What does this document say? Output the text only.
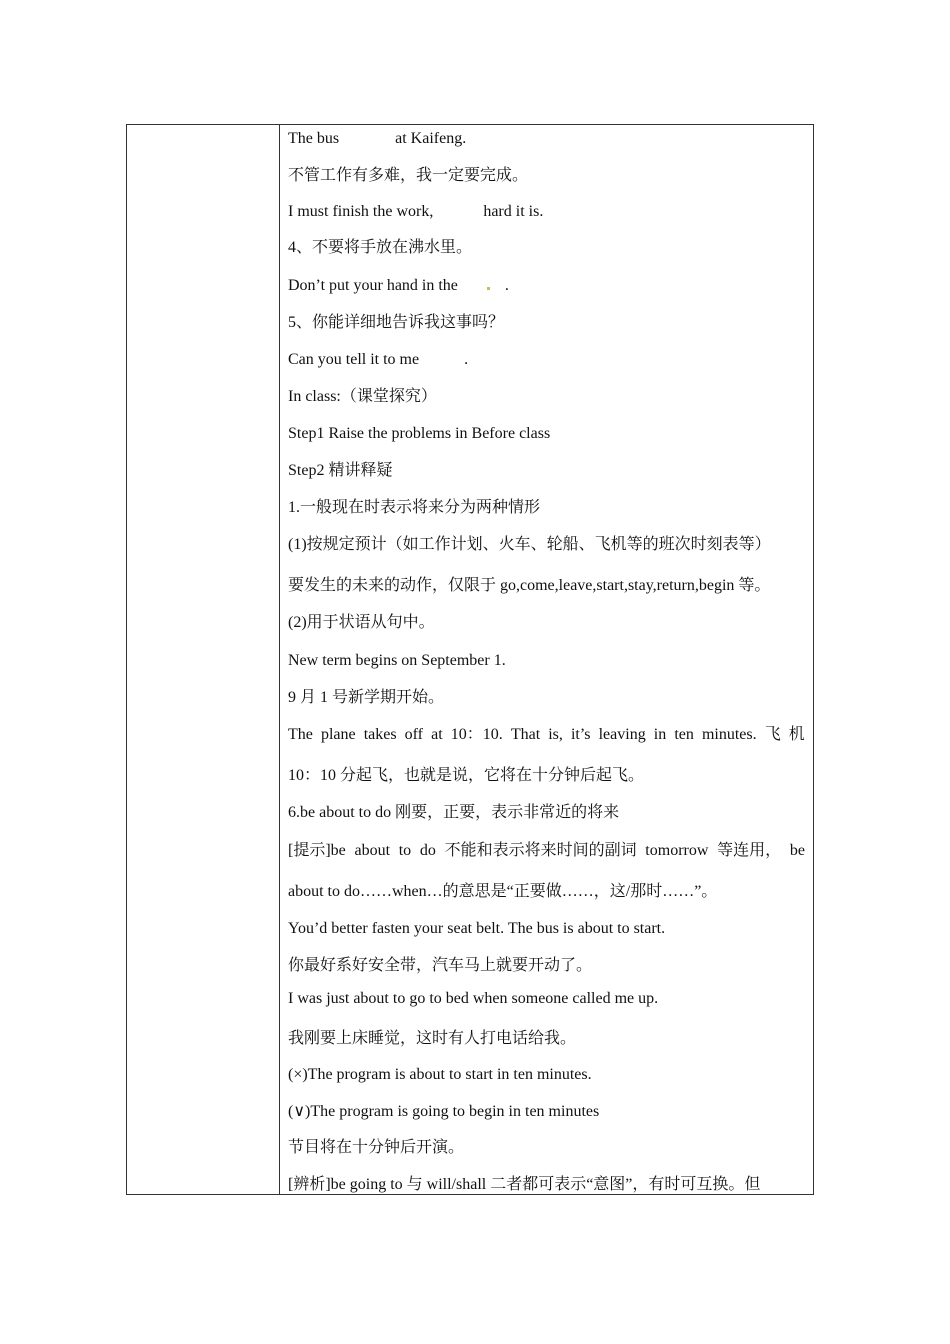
The bus	at Kaifeng.
不管工作有多难，我一定要完成。
I must finish the work,	hard it is.
4、不要将手放在沸水里。
Don’t put your hand in the	.
5、你能详细地告诉我这事吗？
Can you tell it to me	.
In class:（课堂探究）
Step1 Raise the problems in Before class
Step2 精讲释疑
1.一般现在时表示将来分为两种情形
(1)按规定预计（如工作计划、火车、轮船、飞机等的班次时刻表等）
要发生的未来的动作，仅限于 go,come,leave,start,stay,return,begin 等。
(2)用于状语从句中。
New term begins on September 1.
9 月 1 号新学期开始。
The plane takes off at 10：10. That is, it’s leaving in ten minutes. 飞 机
10：10 分起飞，也就是说，它将在十分钟后起飞。
6.be about to do 刚要，正要，表示非常近的将来
[提示]be about to do 不能和表示将来时间的副词 tomorrow 等连用， be
about to do……when…的意思是“正要做……，这/那时……”。
You’d better fasten your seat belt. The bus is about to start.
你最好系好安全带，汽车马上就要开动了。
I was just about to go to bed when someone called me up.
我刚要上床睡觉，这时有人打电话给我。
(×)The program is about to start in ten minutes.
(∨)The program is going to begin in ten minutes
节目将在十分钟后开演。
[辨析]be going to 与 will/shall 二者都可表示“意图”，有时可互换。但
